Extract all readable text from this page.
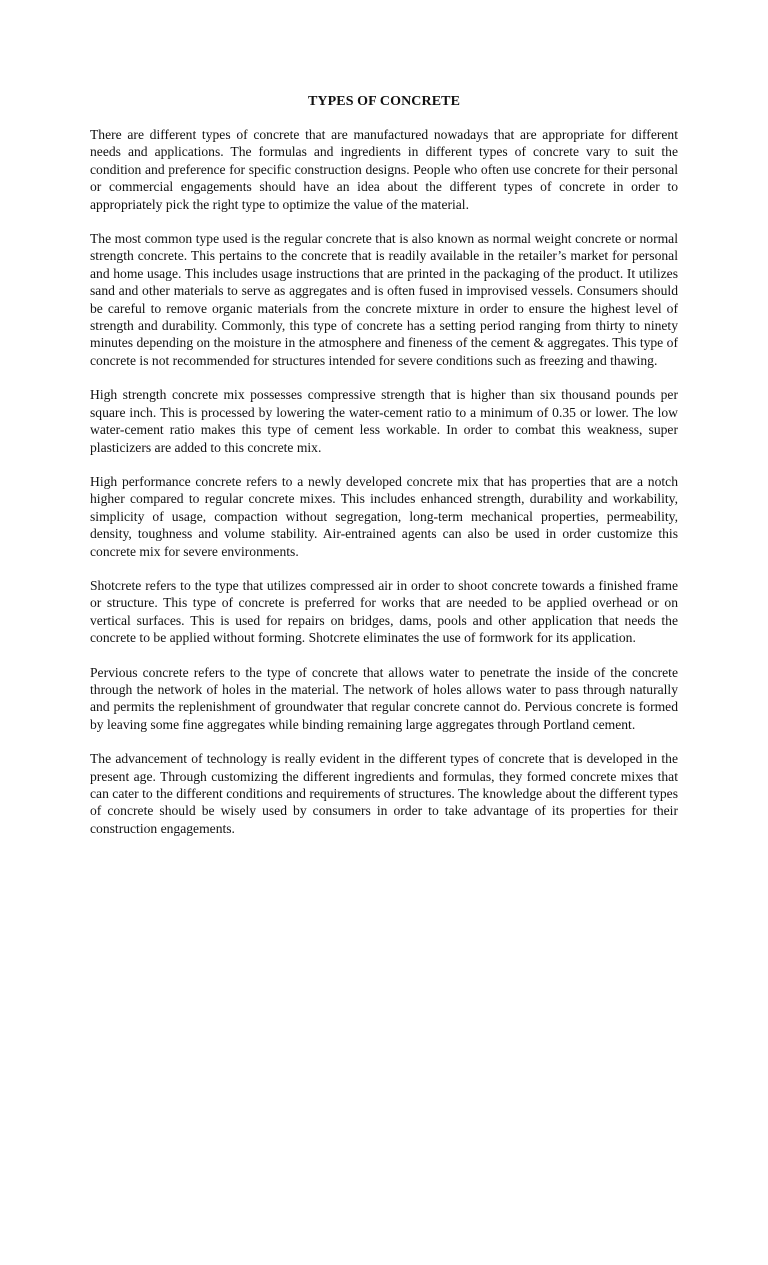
TYPES OF CONCRETE

There are different types of concrete that are manufactured nowadays that are appropriate for different needs and applications. The formulas and ingredients in different types of concrete vary to suit the condition and preference for specific construction designs. People who often use concrete for their personal or commercial engagements should have an idea about the different types of concrete in order to appropriately pick the right type to optimize the value of the material.

The most common type used is the regular concrete that is also known as normal weight concrete or normal strength concrete. This pertains to the concrete that is readily available in the retailer’s market for personal and home usage. This includes usage instructions that are printed in the packaging of the product. It utilizes sand and other materials to serve as aggregates and is often fused in improvised vessels. Consumers should be careful to remove organic materials from the concrete mixture in order to ensure the highest level of strength and durability. Commonly, this type of concrete has a setting period ranging from thirty to ninety minutes depending on the moisture in the atmosphere and fineness of the cement & aggregates. This type of concrete is not recommended for structures intended for severe conditions such as freezing and thawing.

High strength concrete mix possesses compressive strength that is higher than six thousand pounds per square inch. This is processed by lowering the water-cement ratio to a minimum of 0.35 or lower. The low water-cement ratio makes this type of cement less workable. In order to combat this weakness, super plasticizers are added to this concrete mix.

High performance concrete refers to a newly developed concrete mix that has properties that are a notch higher compared to regular concrete mixes. This includes enhanced strength, durability and workability, simplicity of usage, compaction without segregation, long-term mechanical properties, permeability, density, toughness and volume stability. Air-entrained agents can also be used in order customize this concrete mix for severe environments.

Shotcrete refers to the type that utilizes compressed air in order to shoot concrete towards a finished frame or structure. This type of concrete is preferred for works that are needed to be applied overhead or on vertical surfaces. This is used for repairs on bridges, dams, pools and other application that needs the concrete to be applied without forming. Shotcrete eliminates the use of formwork for its application.

Pervious concrete refers to the type of concrete that allows water to penetrate the inside of the concrete through the network of holes in the material. The network of holes allows water to pass through naturally and permits the replenishment of groundwater that regular concrete cannot do. Pervious concrete is formed by leaving some fine aggregates while binding remaining large aggregates through Portland cement.

The advancement of technology is really evident in the different types of concrete that is developed in the present age. Through customizing the different ingredients and formulas, they formed concrete mixes that can cater to the different conditions and requirements of structures. The knowledge about the different types of concrete should be wisely used by consumers in order to take advantage of its properties for their construction engagements.
